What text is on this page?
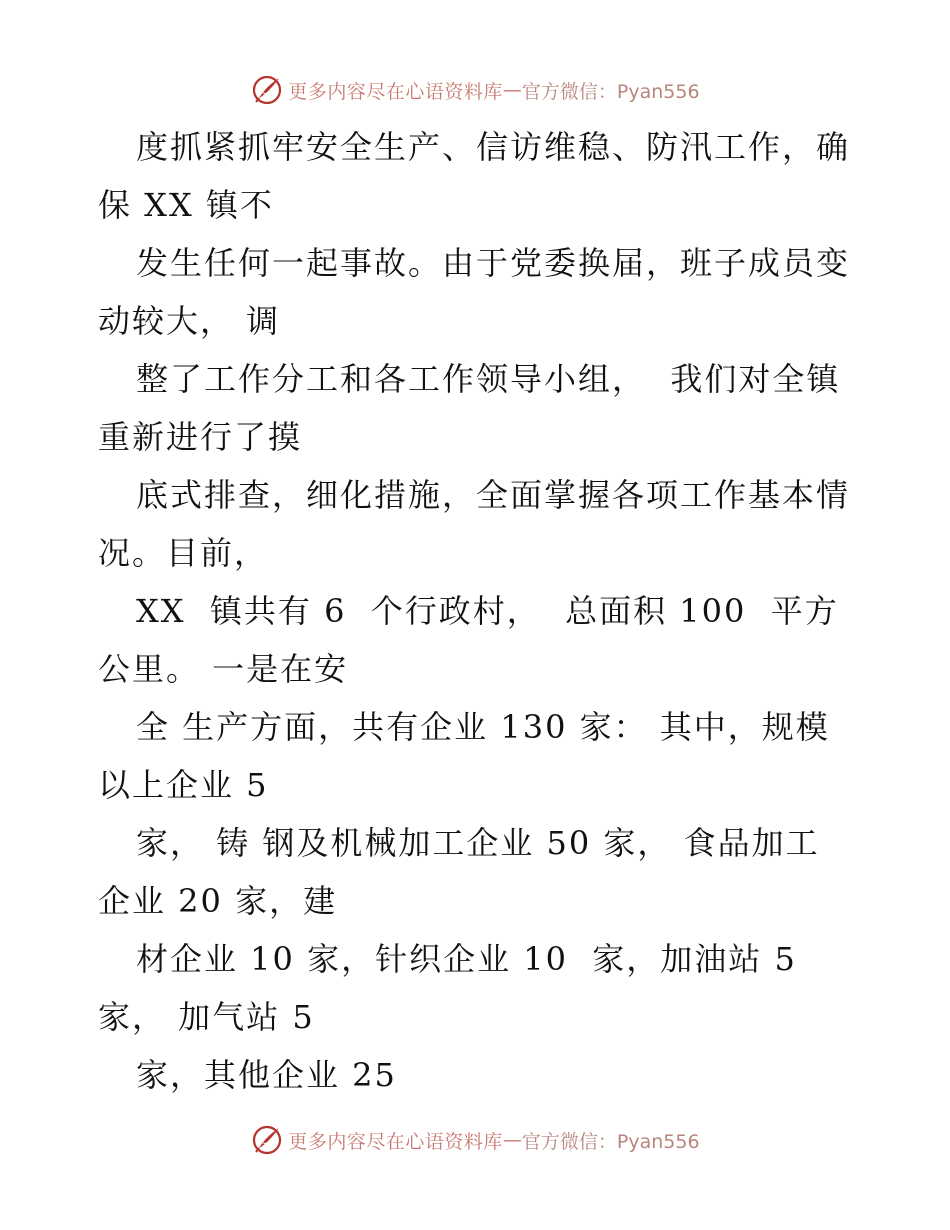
更多内容尽在心语资料库 — 官方微信：Pyan556
度抓紧抓牢安全生产、信访维稳、防汛工作，确
保 XX 镇不
发生任何一起事故。由于党委换届，班子成员变
动较大， 调
整了工作分工和各工作领导小组，  我们对全镇
重新进行了摸
底式排查，细化措施，全面掌握各项工作基本情
况。目前，
XX  镇共有 6  个行政村，  总面积 100  平方
公里。 一是在安
全 生产方面，共有企业 130 家： 其中，规模
以上企业 5
家， 铸 钢及机械加工企业 50 家， 食品加工
企业 20 家，建
材企业 10 家，针织企业 10  家，加油站 5
家， 加气站 5
家，其他企业 25
更多内容尽在心语资料库 — 官方微信：Pyan556
